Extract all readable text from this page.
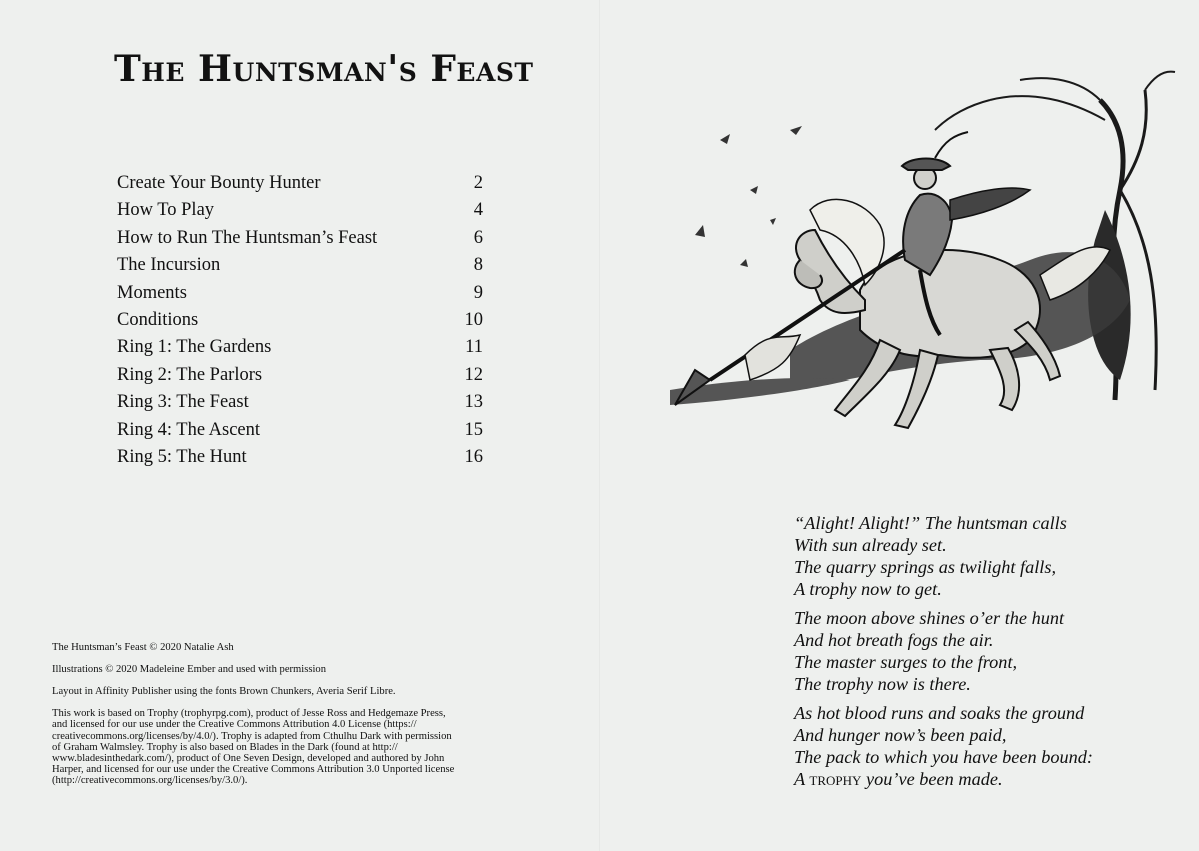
The Huntsman's Feast
Create Your Bounty Hunter	2
How To Play	4
How to Run The Huntsman’s Feast	6
The Incursion	8
Moments	9
Conditions	10
Ring 1: The Gardens	11
Ring 2: The Parlors	12
Ring 3: The Feast	13
Ring 4: The Ascent	15
Ring 5: The Hunt	16

The Huntsman’s Feast © 2020 Natalie Ash

Illustrations © 2020 Madeleine Ember and used with permission

Layout in Affinity Publisher using the fonts Brown Chunkers, Averia Serif Libre.

This work is based on Trophy (trophyrpg.com), product of Jesse Ross and Hedgemaze Press,
and licensed for our use under the Creative Commons Attribution 4.0 License (https://
creativecommons.org/licenses/by/4.0/). Trophy is adapted from Cthulhu Dark with permission
of Graham Walmsley. Trophy is also based on Blades in the Dark (found at http://
www.bladesinthedark.com/), product of One Seven Design, developed and authored by John
Harper, and licensed for our use under the Creative Commons Attribution 3.0 Unported license
(http://creativecommons.org/licenses/by/3.0/).

“Alight! Alight!” The huntsman calls
With sun already set.
The quarry springs as twilight falls,
A trophy now to get.
The moon above shines o’er the hunt
And hot breath fogs the air.
The master surges to the front,
The trophy now is there.
As hot blood runs and soaks the ground
And hunger now’s been paid,
The pack to which you have been bound:
A trophy you’ve been made.
